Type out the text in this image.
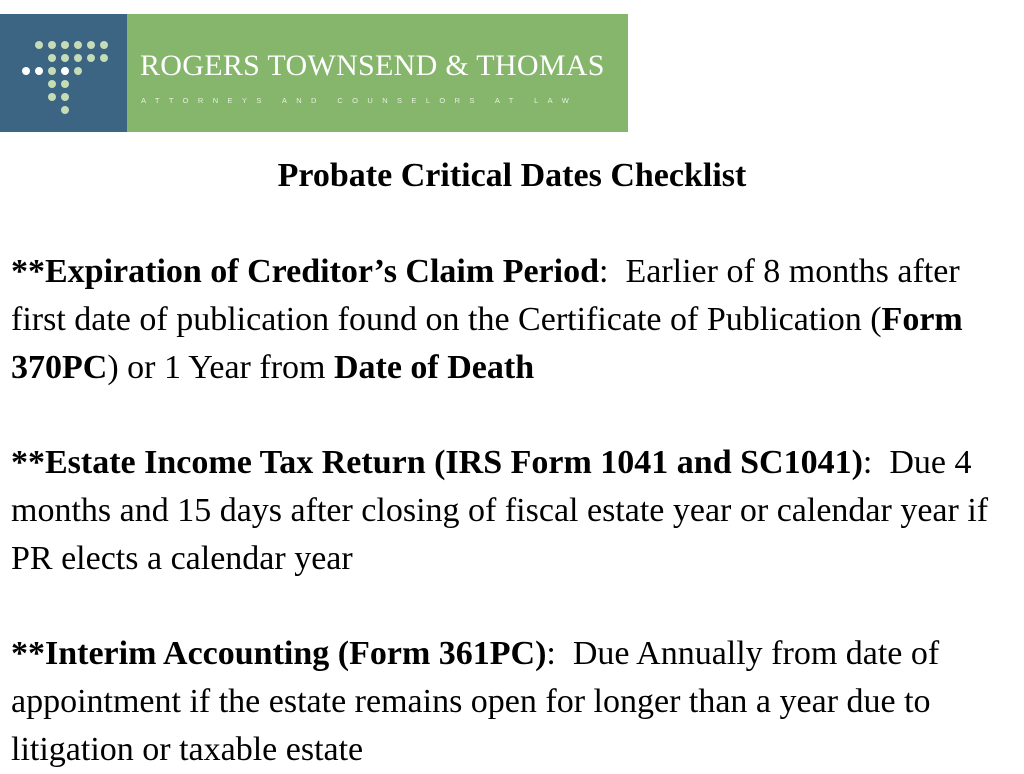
ROGERS TOWNSEND & THOMAS
ATTORNEYS AND COUNSELORS AT LAW
Probate Critical Dates Checklist
**Expiration of Creditor’s Claim Period:  Earlier of 8 months after first date of publication found on the Certificate of Publication (Form 370PC) or 1 Year from Date of Death
**Estate Income Tax Return (IRS Form 1041 and SC1041):  Due 4 months and 15 days after closing of fiscal estate year or calendar year if PR elects a calendar year
**Interim Accounting (Form 361PC):  Due Annually from date of appointment if the estate remains open for longer than a year due to litigation or taxable estate
